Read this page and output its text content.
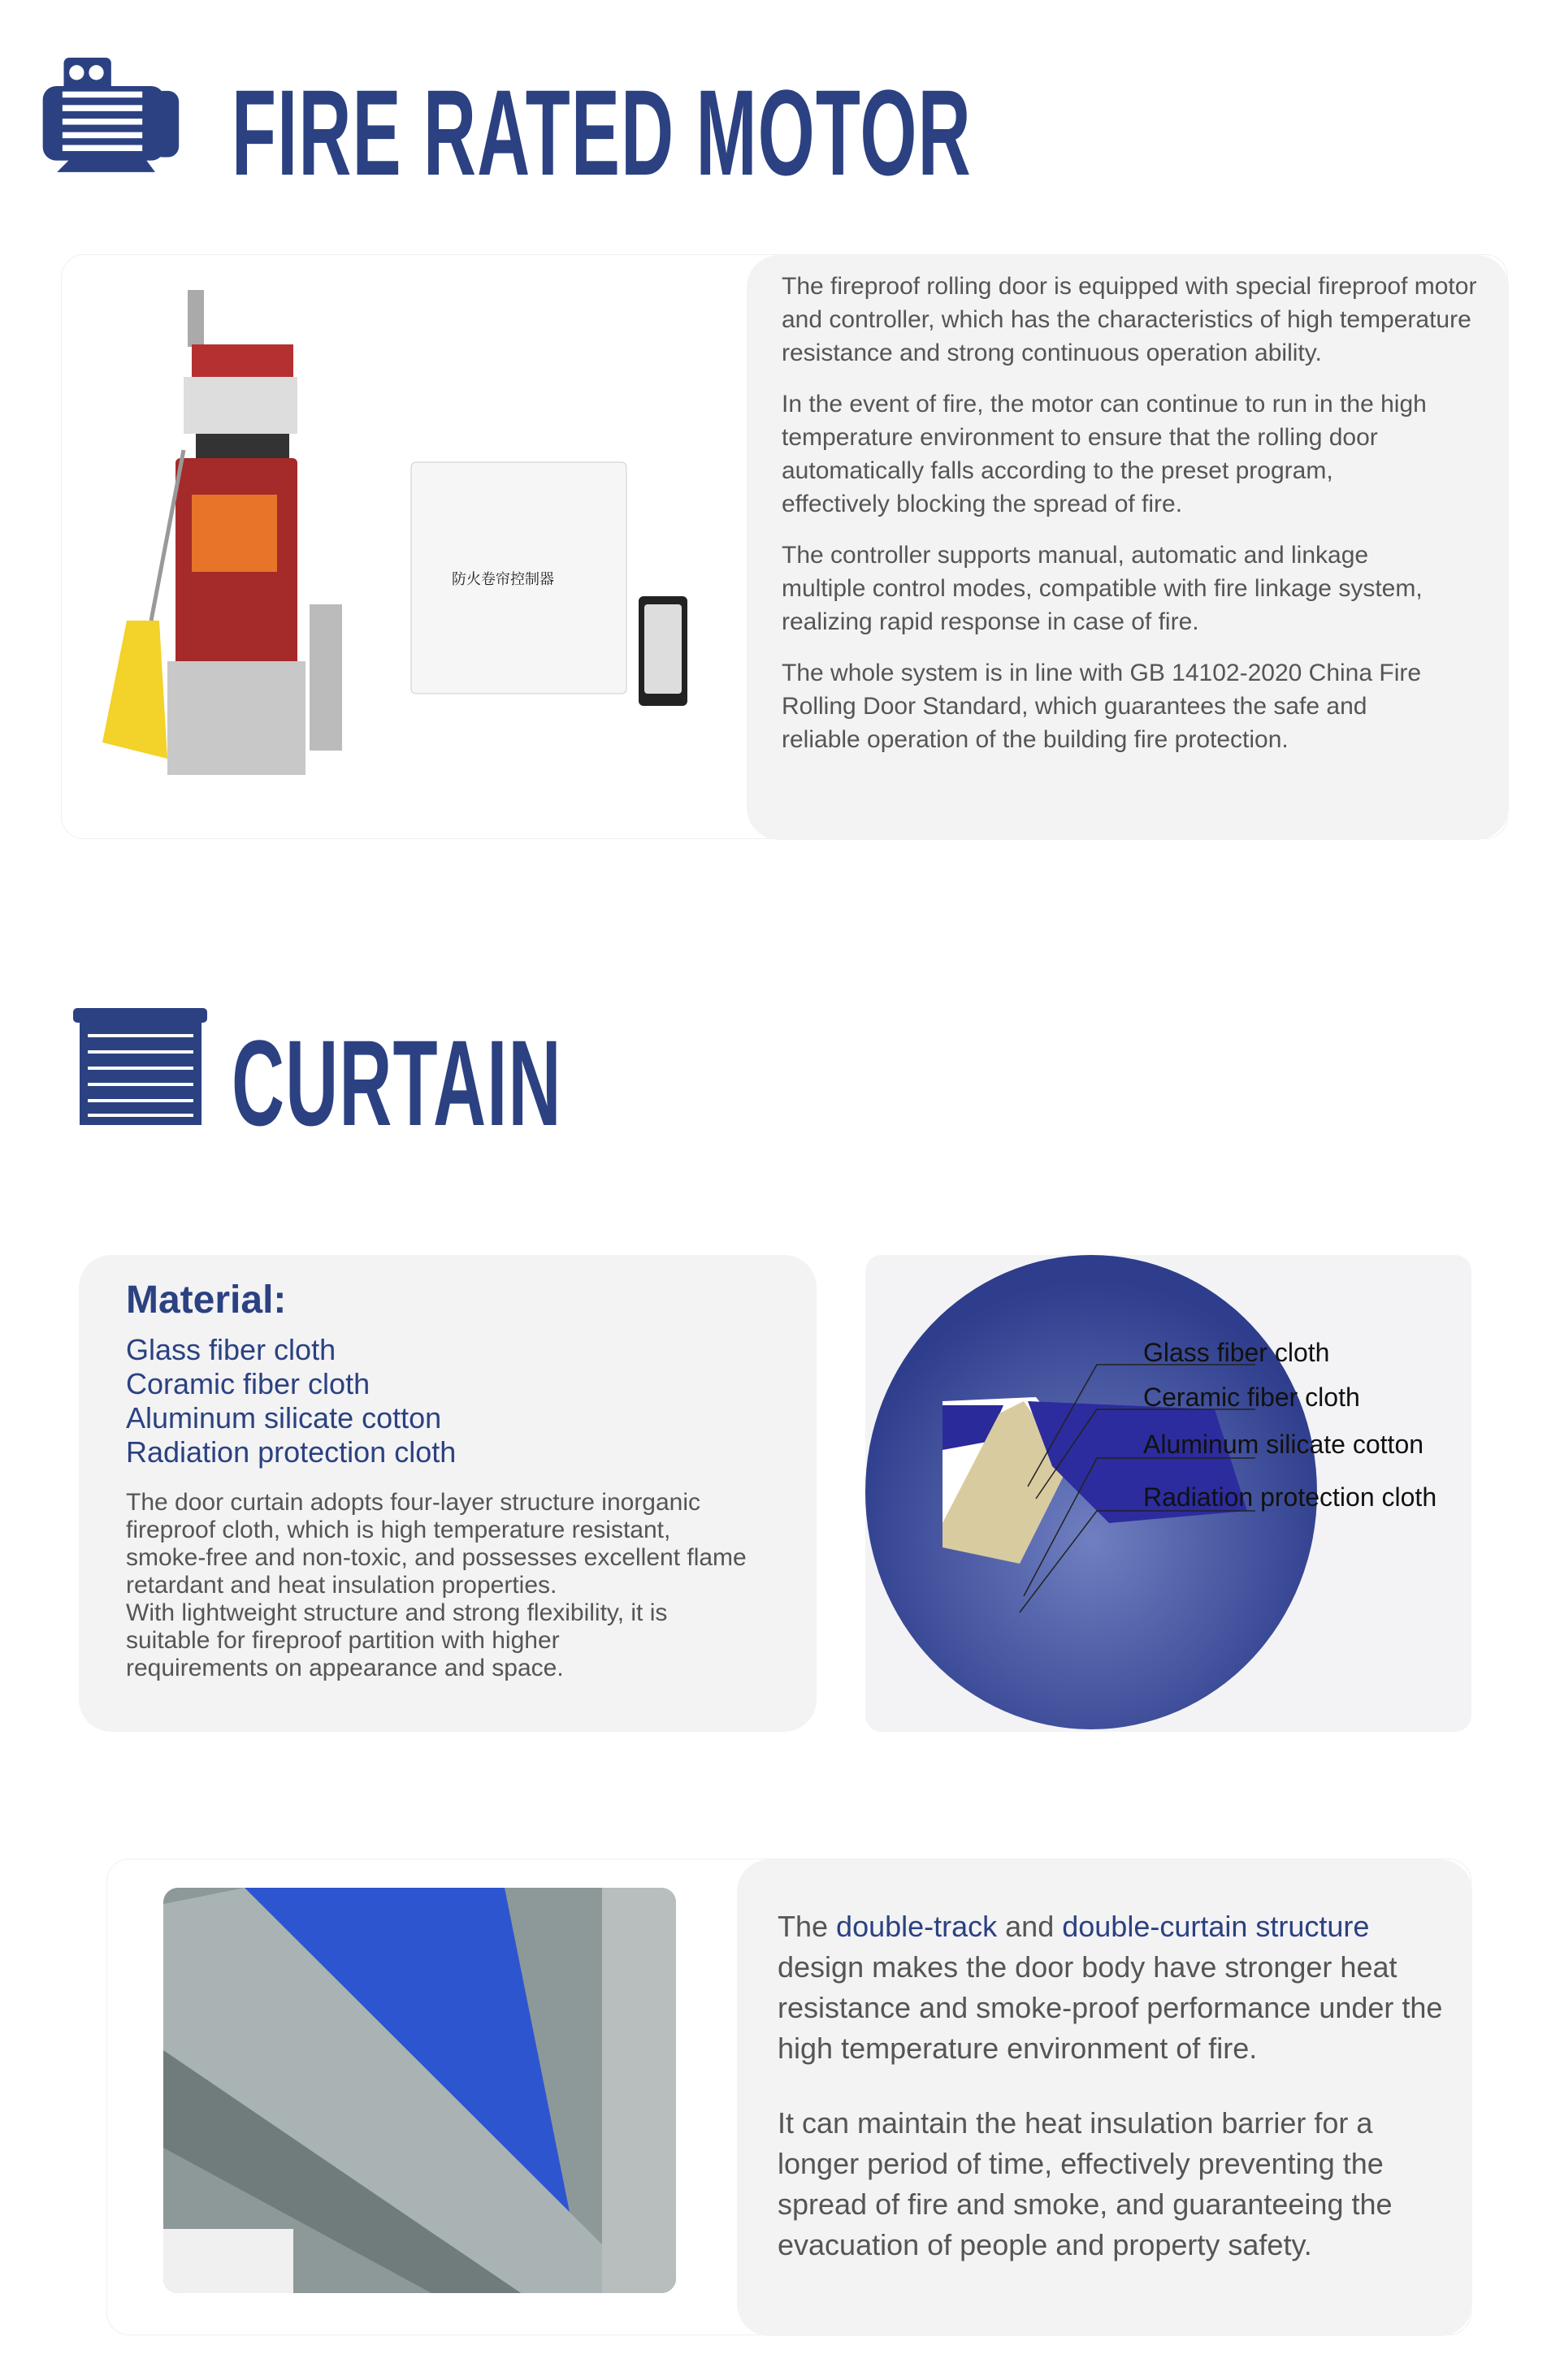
FIRE RATED MOTOR
防火卷帘控制器

The fireproof rolling door is equipped with special fireproof motor and controller, which has the characteristics of high temperature resistance and strong continuous operation ability.

In the event of fire, the motor can continue to run in the high temperature environment to ensure that the rolling door automatically falls according to the preset program, effectively blocking the spread of fire.

The controller supports manual, automatic and linkage multiple control modes, compatible with fire linkage system, realizing rapid response in case of fire.

The whole system is in line with GB 14102-2020 China Fire Rolling Door Standard, which guarantees the safe and reliable operation of the building fire protection.

CURTAIN
Material:
Glass fiber cloth
Coramic fiber cloth
Aluminum silicate cotton
Radiation protection cloth
The door curtain adopts four-layer structure inorganic fireproof cloth, which is high temperature resistant, smoke-free and non-toxic, and possesses excellent flame retardant and heat insulation properties.
With lightweight structure and strong flexibility, it is suitable for fireproof partition with higher requirements on appearance and space.
Glass fiber cloth
Ceramic fiber cloth
Aluminum silicate cotton
Radiation protection cloth

The double-track and double-curtain structure design makes the door body have stronger heat resistance and smoke-proof performance under the high temperature environment of fire.

It can maintain the heat insulation barrier for a longer period of time, effectively preventing the spread of fire and smoke, and guaranteeing the evacuation of people and property safety.
